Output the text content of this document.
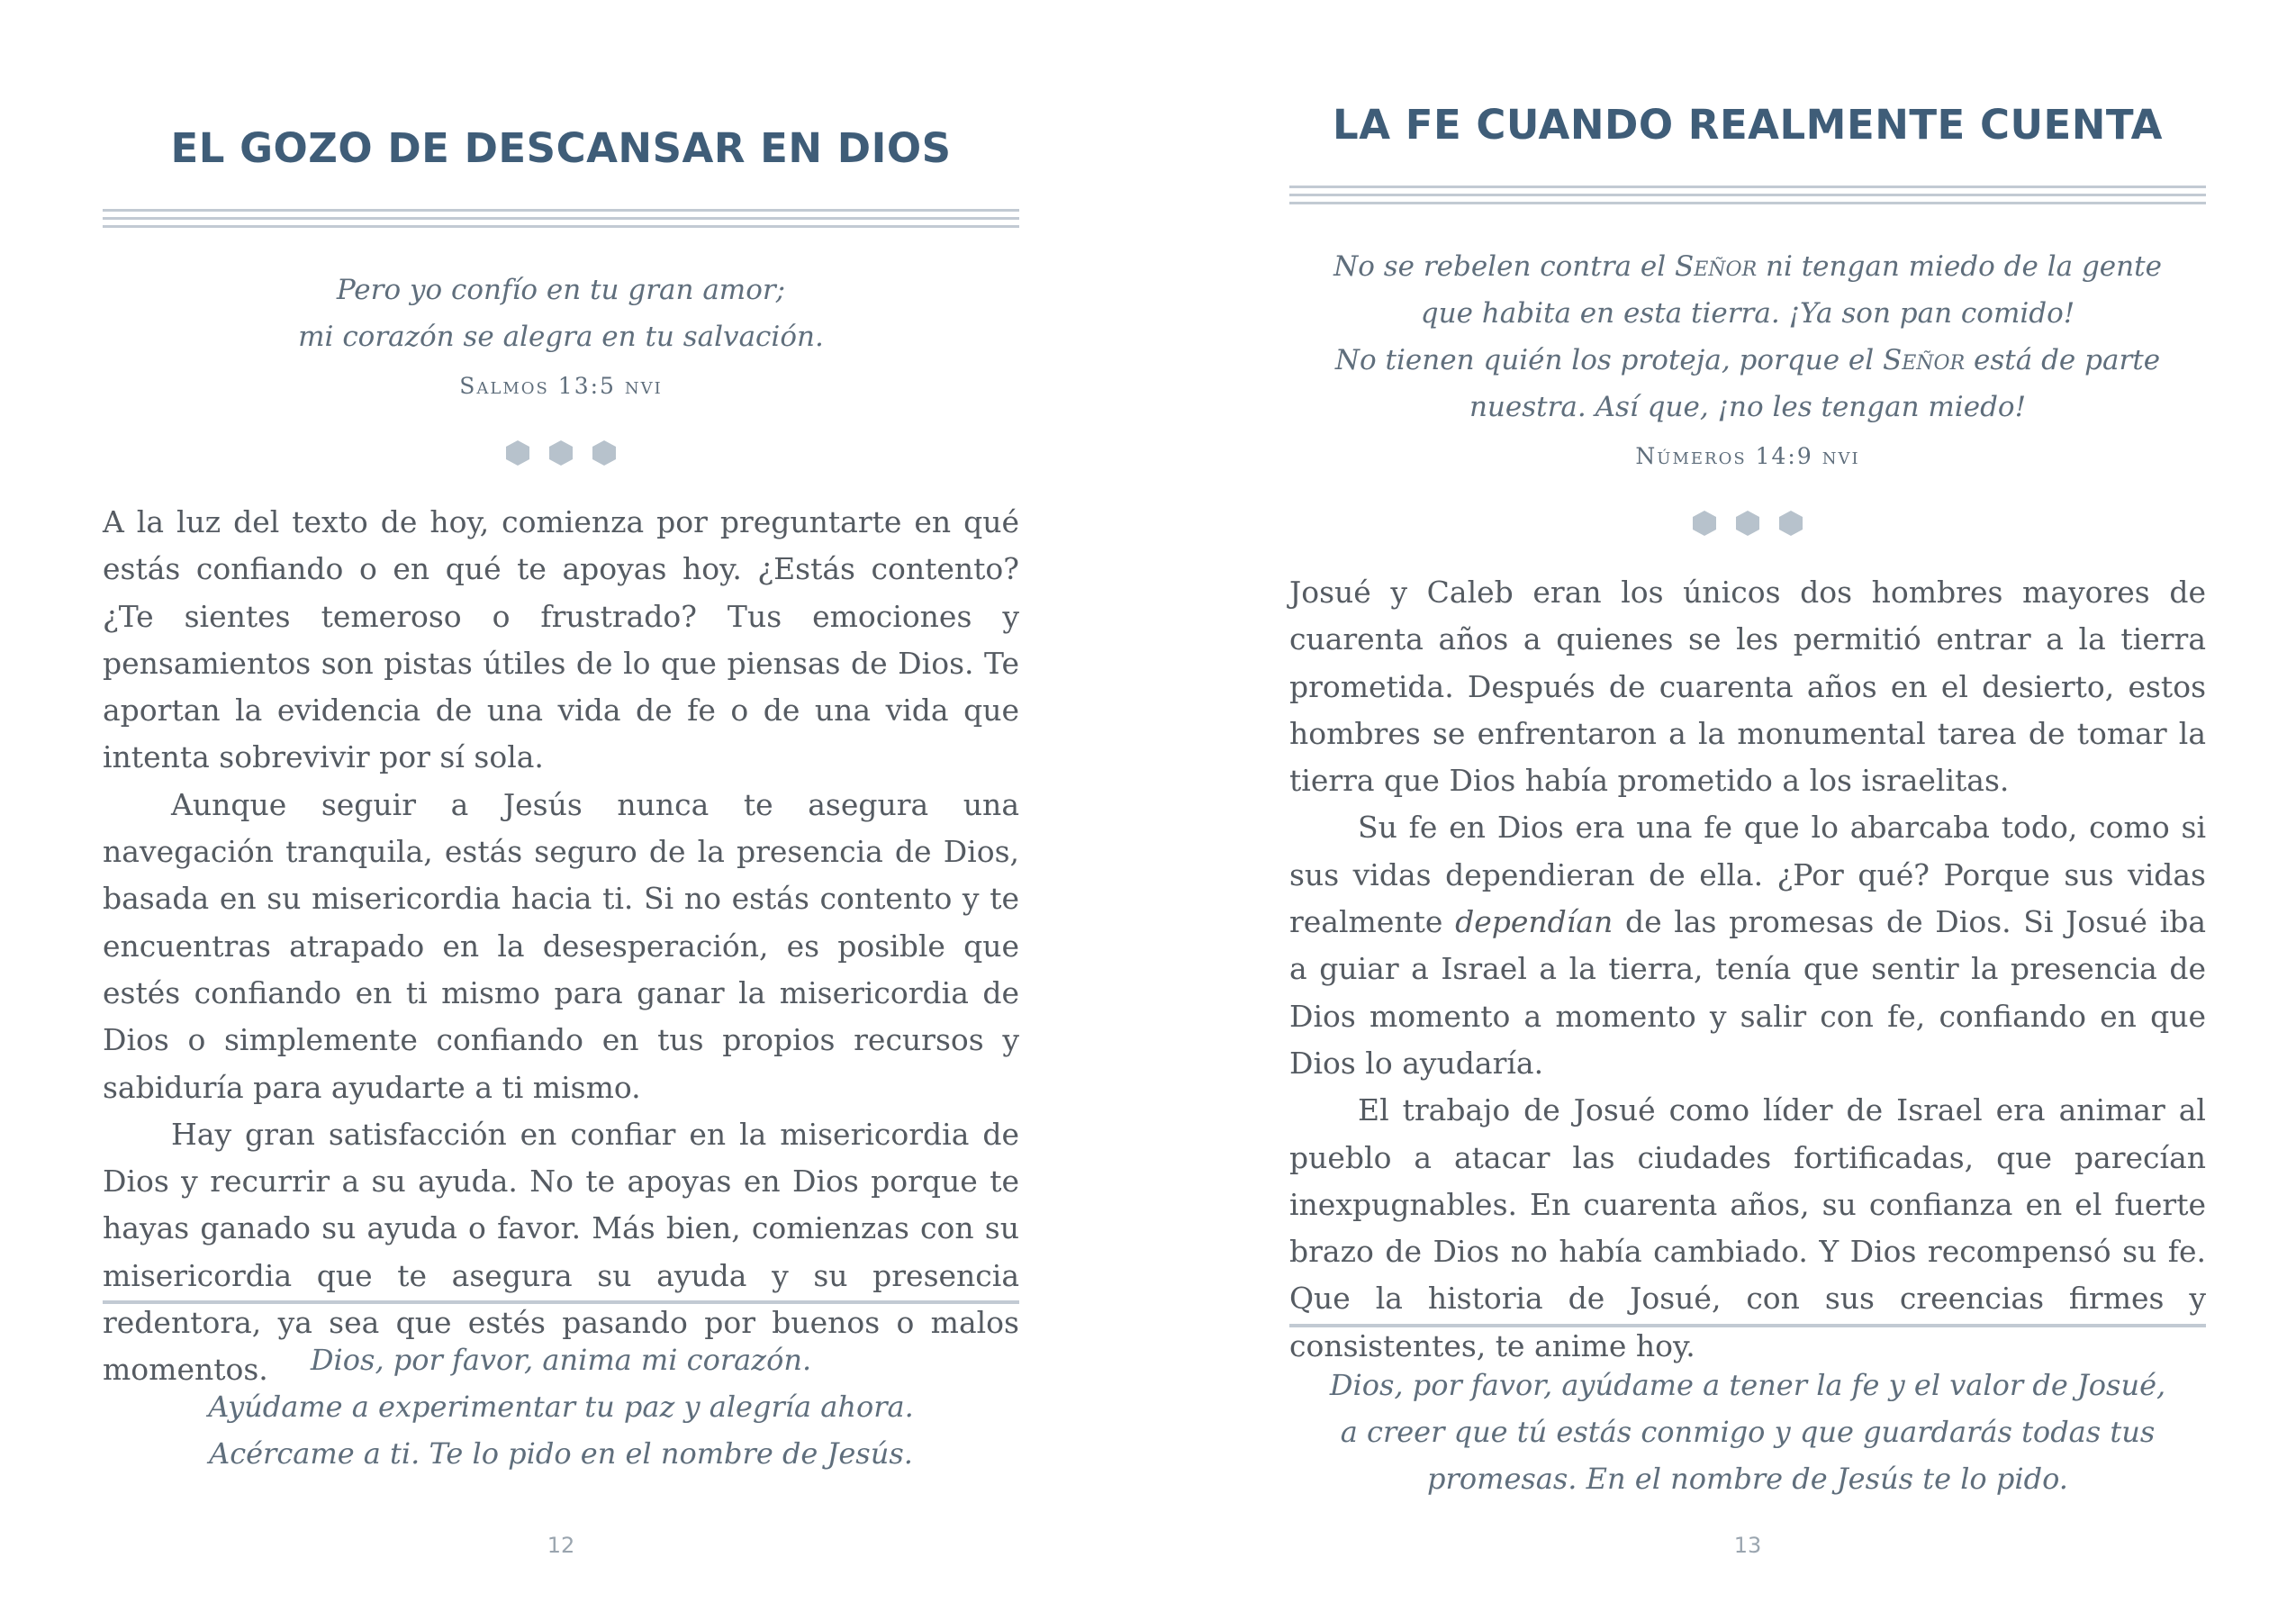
EL GOZO DE DESCANSAR EN DIOS

Pero yo confío en tu gran amor;

mi corazón se alegra en tu salvación.

Salmos 13:5 nvi

A la luz del texto de hoy, comienza por preguntarte en qué estás confiando o en qué te apoyas hoy. ¿Estás contento? ¿Te sientes temeroso o frustrado? Tus emociones y pensamientos son pistas útiles de lo que piensas de Dios. Te aportan la evidencia de una vida de fe o de una vida que intenta sobrevivir por sí sola.

Aunque seguir a Jesús nunca te asegura una navegación tranquila, estás seguro de la presencia de Dios, basada en su misericordia hacia ti. Si no estás contento y te encuentras atrapado en la desesperación, es posible que estés confiando en ti mismo para ganar la misericordia de Dios o simplemente confiando en tus propios recursos y sabiduría para ayudarte a ti mismo.

Hay gran satisfacción en confiar en la misericordia de Dios y recurrir a su ayuda. No te apoyas en Dios porque te hayas ganado su ayuda o favor. Más bien, comienzas con su misericordia que te asegura su ayuda y su presencia redentora, ya sea que estés pasando por buenos o malos momentos.	Dios, por favor, anima mi corazón.

Ayúdame a experimentar tu paz y alegría ahora.

Acércame a ti. Te lo pido en el nombre de Jesús.

12
LA FE CUANDO REALMENTE CUENTA

No se rebelen contra el Señor ni tengan miedo de la gente

que habita en esta tierra. ¡Ya son pan comido!

No tienen quién los proteja, porque el Señor está de parte

nuestra. Así que, ¡no les tengan miedo!

Números 14:9 nvi

Josué y Caleb eran los únicos dos hombres mayores de cuarenta años a quienes se les permitió entrar a la tierra prometida. Después de cuarenta años en el desierto, estos hombres se enfrentaron a la monumental tarea de tomar la tierra que Dios había prometido a los israelitas.

Su fe en Dios era una fe que lo abarcaba todo, como si sus vidas dependieran de ella. ¿Por qué? Porque sus vidas realmente dependían de las promesas de Dios. Si Josué iba a guiar a Israel a la tierra, tenía que sentir la presencia de Dios momento a momento y salir con fe, confiando en que Dios lo ayudaría.

El trabajo de Josué como líder de Israel era animar al pueblo a atacar las ciudades fortificadas, que parecían inexpugnables. En cuarenta años, su confianza en el fuerte brazo de Dios no había cambiado. Y Dios recompensó su fe. Que la historia de Josué, con sus creencias firmes y consistentes, te anime hoy.

Dios, por favor, ayúdame a tener la fe y el valor de Josué,

a creer que tú estás conmigo y que guardarás todas tus

promesas. En el nombre de Jesús te lo pido.

13
